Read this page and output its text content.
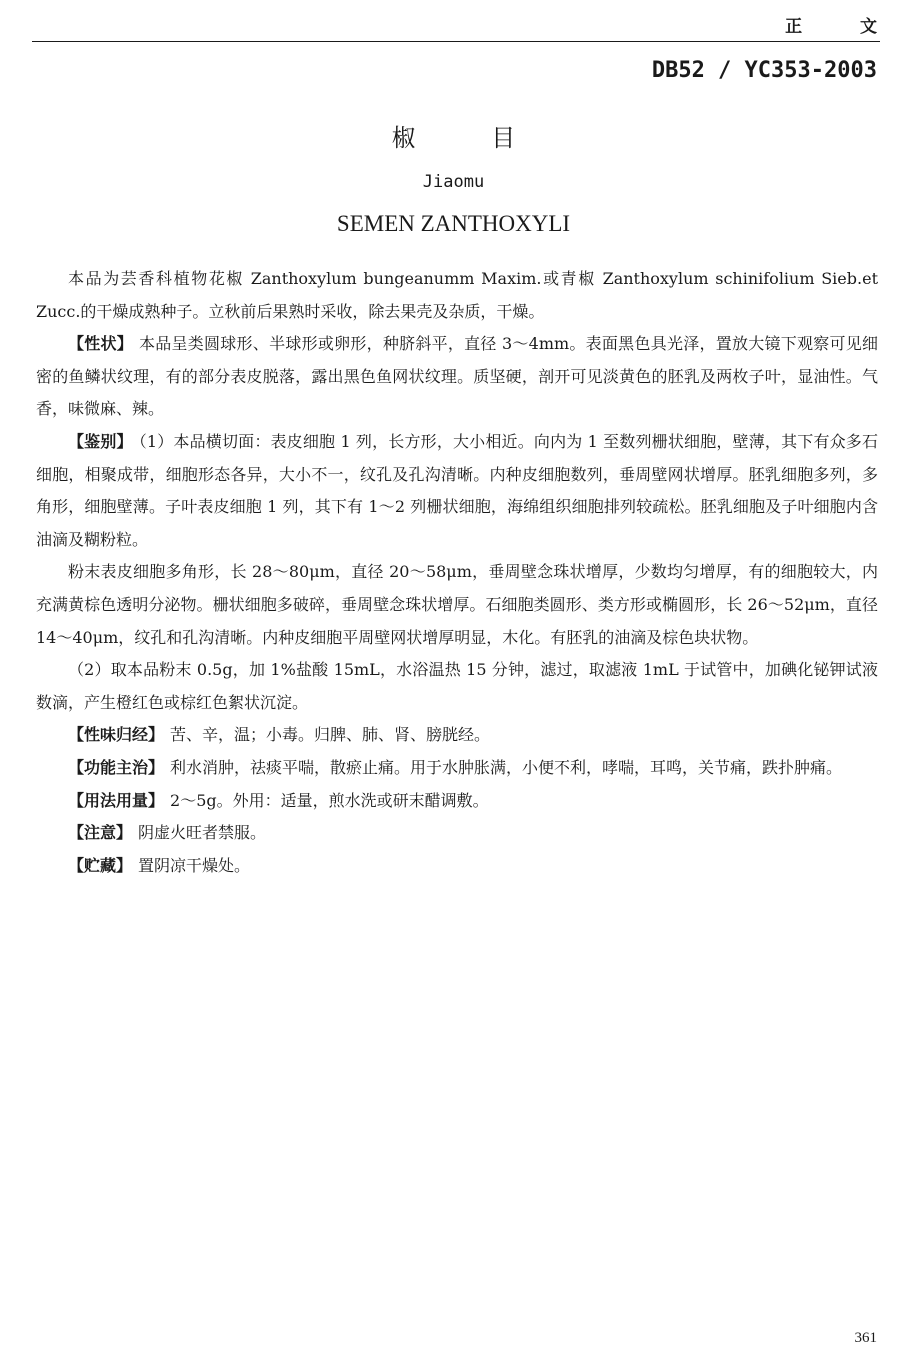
正 文
DB52 / YC353-2003
椒 目
Jiaomu
SEMEN ZANTHOXYLI

本品为芸香科植物花椒 Zanthoxylum bungeanumm Maxim.或青椒 Zanthoxylum schinifolium Sieb.et Zucc.的干燥成熟种子。立秋前后果熟时采收，除去果壳及杂质，干燥。

【性状】 本品呈类圆球形、半球形或卵形，种脐斜平，直径 3～4mm。表面黑色具光泽，置放大镜下观察可见细密的鱼鳞状纹理，有的部分表皮脱落，露出黑色鱼网状纹理。质坚硬，剖开可见淡黄色的胚乳及两枚子叶，显油性。气香，味微麻、辣。

【鉴别】 （1）本品横切面：表皮细胞 1 列，长方形，大小相近。向内为 1 至数列栅状细胞，壁薄，其下有众多石细胞，相聚成带，细胞形态各异，大小不一，纹孔及孔沟清晰。内种皮细胞数列，垂周壁网状增厚。胚乳细胞多列，多角形，细胞壁薄。子叶表皮细胞 1 列，其下有 1～2 列栅状细胞，海绵组织细胞排列较疏松。胚乳细胞及子叶细胞内含油滴及糊粉粒。

粉末表皮细胞多角形，长 28～80μm，直径 20～58μm，垂周壁念珠状增厚，少数均匀增厚，有的细胞较大，内充满黄棕色透明分泌物。栅状细胞多破碎，垂周壁念珠状增厚。石细胞类圆形、类方形或椭圆形，长 26～52μm，直径 14～40μm，纹孔和孔沟清晰。内种皮细胞平周壁网状增厚明显，木化。有胚乳的油滴及棕色块状物。

（2）取本品粉末 0.5g，加 1%盐酸 15mL，水浴温热 15 分钟，滤过，取滤液 1mL 于试管中，加碘化铋钾试液数滴，产生橙红色或棕红色絮状沉淀。

【性味归经】 苦、辛，温；小毒。归脾、肺、肾、膀胱经。

【功能主治】 利水消肿，祛痰平喘，散瘀止痛。用于水肿胀满，小便不利，哮喘，耳鸣，关节痛，跌扑肿痛。

【用法用量】 2～5g。外用：适量，煎水洗或研末醋调敷。

【注意】 阴虚火旺者禁服。

【贮藏】 置阴凉干燥处。

361
